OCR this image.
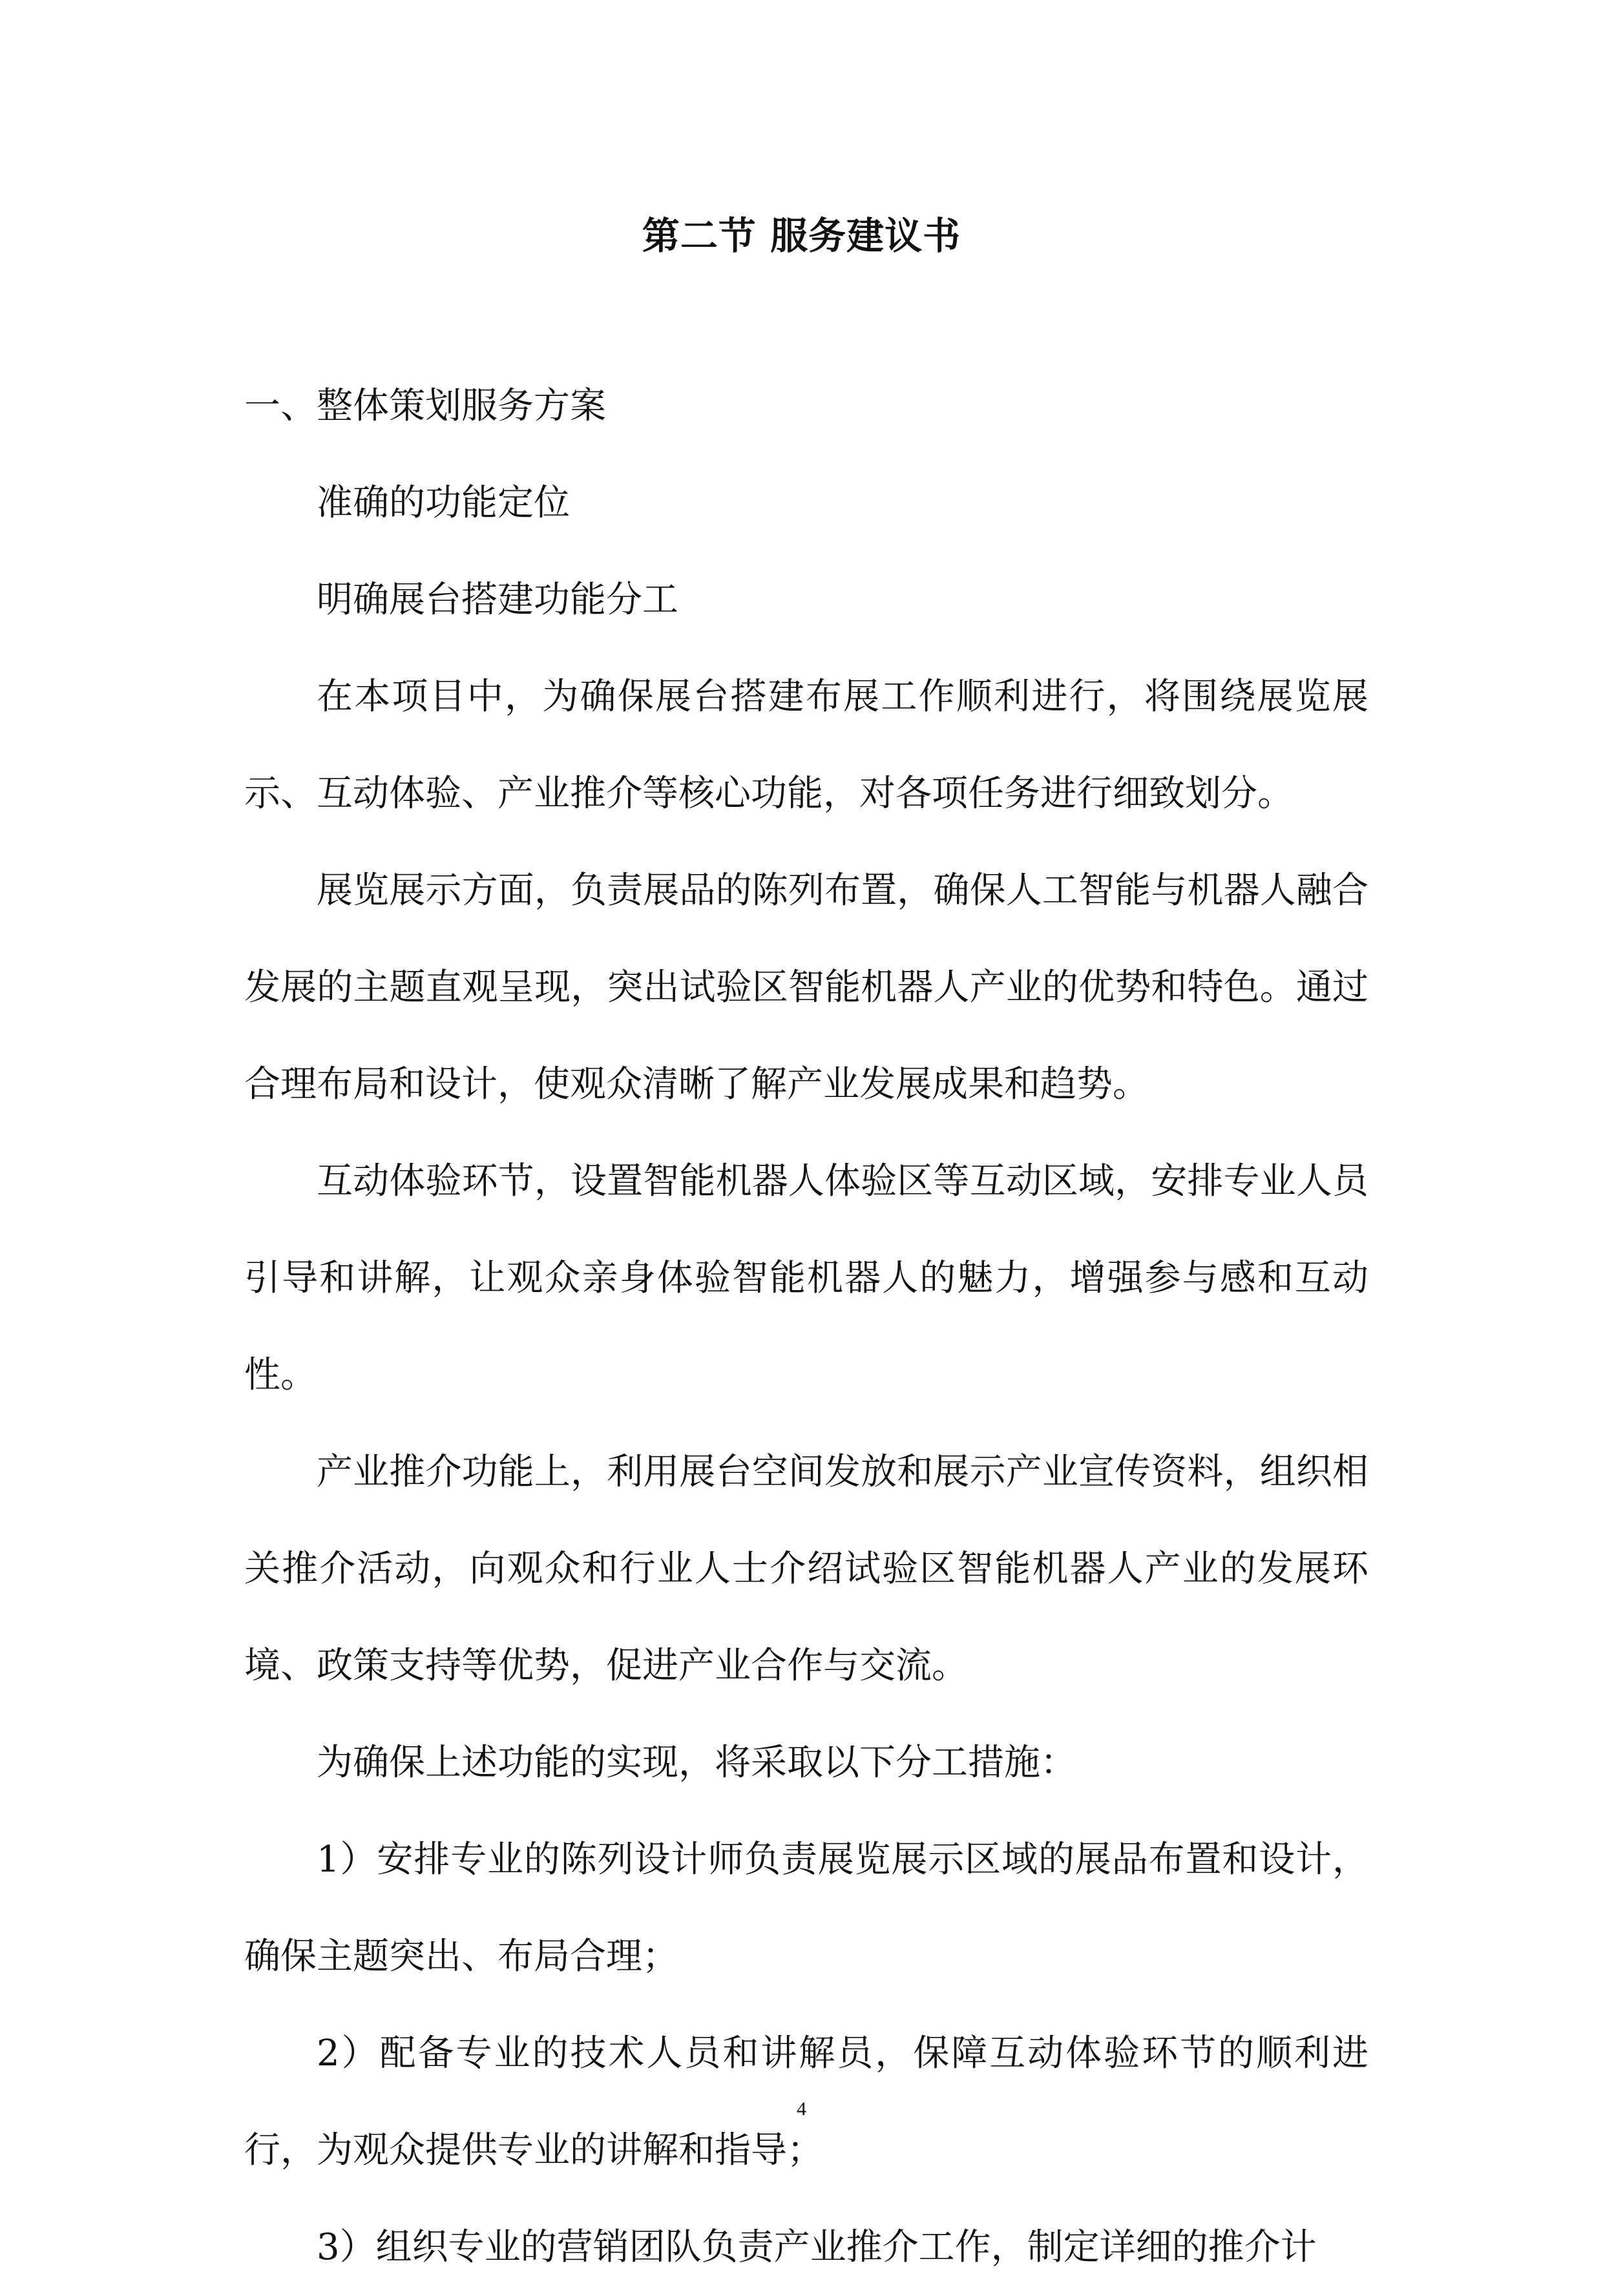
第二节 服务建议书

一、整体策划服务方案

准确的功能定位

明确展台搭建功能分工

在本项目中，为确保展台搭建布展工作顺利进行，将围绕展览展示、互动体验、产业推介等核心功能，对各项任务进行细致划分。

展览展示方面，负责展品的陈列布置，确保人工智能与机器人融合发展的主题直观呈现，突出试验区智能机器人产业的优势和特色。通过合理布局和设计，使观众清晰了解产业发展成果和趋势。

互动体验环节，设置智能机器人体验区等互动区域，安排专业人员引导和讲解，让观众亲身体验智能机器人的魅力，增强参与感和互动性。

产业推介功能上，利用展台空间发放和展示产业宣传资料，组织相关推介活动，向观众和行业人士介绍试验区智能机器人产业的发展环境、政策支持等优势，促进产业合作与交流。

为确保上述功能的实现，将采取以下分工措施：

1）安排专业的陈列设计师负责展览展示区域的展品布置和设计，确保主题突出、布局合理；

2）配备专业的技术人员和讲解员，保障互动体验环节的顺利进行，为观众提供专业的讲解和指导；

3）组织专业的营销团队负责产业推介工作，制定详细的推介计

4
